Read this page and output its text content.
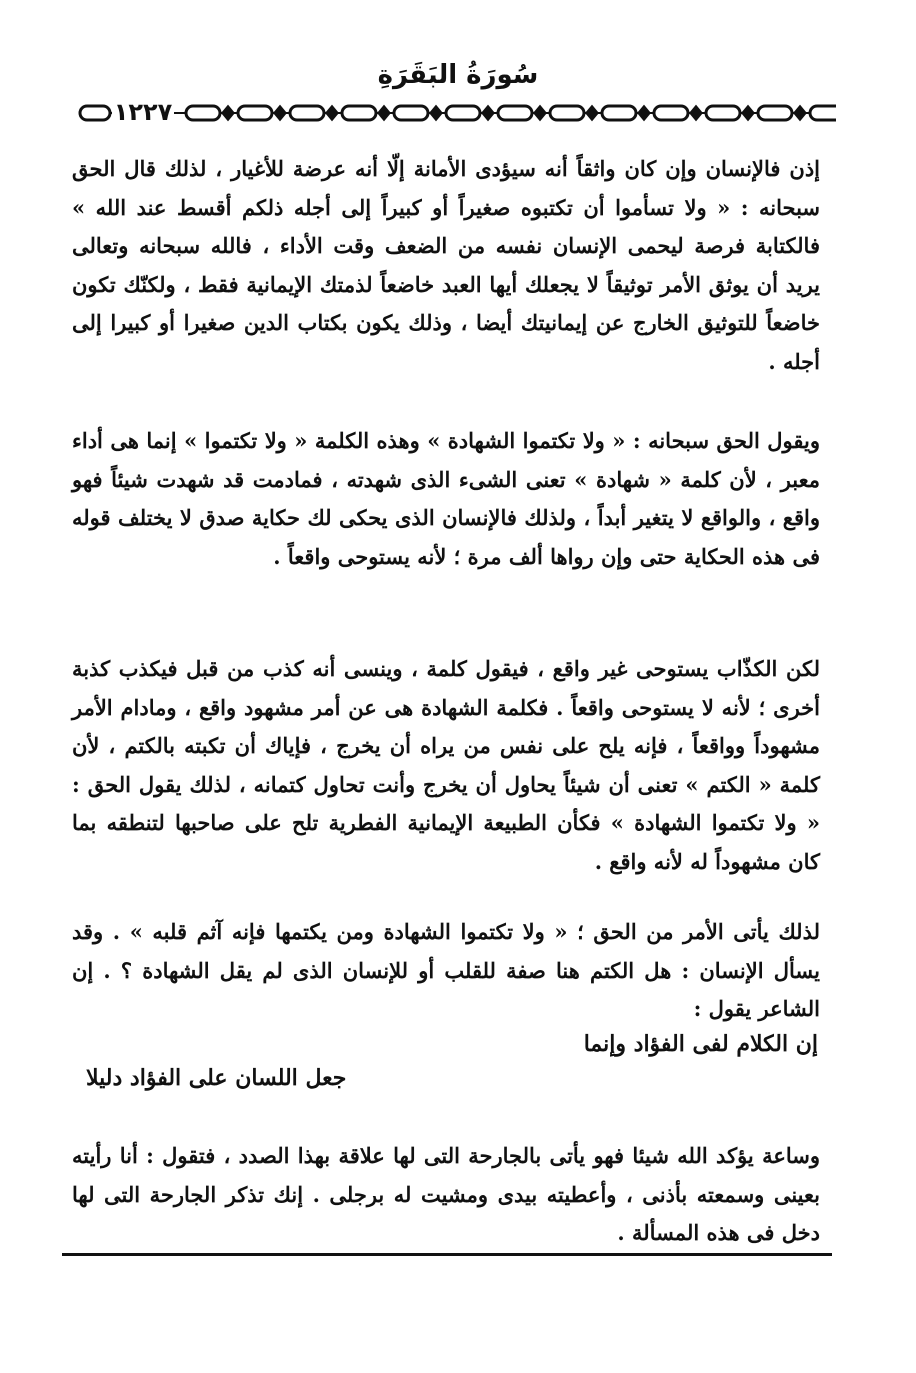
سُورَةُ البَقَرَةِ
١٢٢٧

إذن فالإنسان وإن كان واثقاً أنه سيؤدى الأمانة إلّا أنه عرضة للأغيار ، لذلك قال الحق سبحانه : « ولا تسأموا أن تكتبوه صغيراً أو كبيراً إلى أجله ذلكم أقسط عند الله » فالكتابة فرصة ليحمى الإنسان نفسه من الضعف وقت الأداء ، فالله سبحانه وتعالى يريد أن يوثق الأمر توثيقاً لا يجعلك أيها العبد خاضعاً لذمتك الإيمانية فقط ، ولكنّك تكون خاضعاً للتوثيق الخارج عن إيمانيتك أيضا ، وذلك يكون بكتاب الدين صغيرا أو كبيرا إلى أجله .

ويقول الحق سبحانه : « ولا تكتموا الشهادة » وهذه الكلمة « ولا تكتموا » إنما هى أداء معبر ، لأن كلمة « شهادة » تعنى الشىء الذى شهدته ، فمادمت قد شهدت شيئاً فهو واقع ، والواقع لا يتغير أبداً ، ولذلك فالإنسان الذى يحكى لك حكاية صدق لا يختلف قوله فى هذه الحكاية حتى وإن رواها ألف مرة ؛ لأنه يستوحى واقعاً .

لكن الكذّاب يستوحى غير واقع ، فيقول كلمة ، وينسى أنه كذب من قبل فيكذب كذبة أخرى ؛ لأنه لا يستوحى واقعاً . فكلمة الشهادة هى عن أمر مشهود واقع ، ومادام الأمر مشهوداً وواقعاً ، فإنه يلح على نفس من يراه أن يخرج ، فإياك أن تكبته بالكتم ، لأن كلمة « الكتم » تعنى أن شيئاً يحاول أن يخرج وأنت تحاول كتمانه ، لذلك يقول الحق : « ولا تكتموا الشهادة » فكأن الطبيعة الإيمانية الفطرية تلح على صاحبها لتنطقه بما كان مشهوداً له لأنه واقع .

لذلك يأتى الأمر من الحق ؛ « ولا تكتموا الشهادة ومن يكتمها فإنه آثم قلبه » . وقد يسأل الإنسان : هل الكتم هنا صفة للقلب أو للإنسان الذى لم يقل الشهادة ؟ . إن الشاعر يقول :

إن الكلام لفى الفؤاد وإنما
جعل اللسان على الفؤاد دليلا

وساعة يؤكد الله شيئا فهو يأتى بالجارحة التى لها علاقة بهذا الصدد ، فتقول : أنا رأيته بعينى وسمعته بأذنى ، وأعطيته بيدى ومشيت له برجلى . إنك تذكر الجارحة التى لها دخل فى هذه المسألة .
